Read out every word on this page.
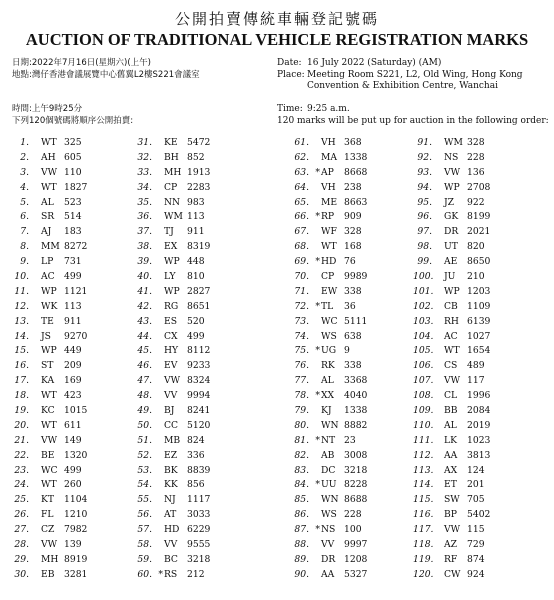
公開拍賣傳統車輛登記號碼
AUCTION OF TRADITIONAL VEHICLE REGISTRATION MARKS
日期: 2022年7月16日(星期六)(上午)
地點: 灣仔香港會議展覽中心舊翼L2樓S221會議室
Date: 16 July 2022 (Saturday) (AM)
Place: Meeting Room S221, L2, Old Wing, Hong Kong
Convention & Exhibition Centre, Wanchai
時間: 上午9時25分
下列120個號碼將順序公開拍賣:
Time: 9:25 a.m.
120 marks will be put up for auction in the following order:
1. WT 325
2. AH 605
3. VW 110
4. WT 1827
5. AL 523
6. SR 514
7. AJ 183
8. MM 8272
9. LP 731
10. AC 499
11. WP 1121
12. WK 113
13. TE 911
14. JS 9270
15. WP 449
16. ST 209
17. KA 169
18. WT 423
19. KC 1015
20. WT 611
21. VW 149
22. BE 1320
23. WC 499
24. WT 260
25. KT 1104
26. FL 1210
27. CZ 7982
28. VW 139
29. MH 8919
30. EB 3281
31. KE 5472
32. BH 852
33. MH 1913
34. CP 2283
35. NN 983
36. WM 113
37. TJ 911
38. EX 8319
39. WP 448
40. LY 810
41. WP 2827
42. RG 8651
43. ES 520
44. CX 499
45. HY 8112
46. EV 9233
47. VW 8324
48. VV 9994
49. BJ 8241
50. CC 5120
51. MB 824
52. EZ 336
53. BK 8839
54. KK 856
55. NJ 1117
56. AT 3033
57. HD 6229
58. VV 9555
59. BC 3218
60. * RS 212
61. VH 368
62. MA 1338
63. * AP 8668
64. VH 238
65. ME 8663
66. * RP 909
67. WF 328
68. WT 168
69. * HD 76
70. CP 9989
71. EW 338
72. * TL 36
73. WC 5111
74. WS 638
75. * UG 9
76. RK 338
77. AL 3368
78. * XX 4040
79. KJ 1338
80. WN 8882
81. * NT 23
82. AB 3008
83. DC 3218
84. * UU 8228
85. WN 8688
86. WS 228
87. * NS 100
88. VV 9997
89. DR 1208
90. AA 5327
91. WM 328
92. NS 228
93. VW 136
94. WP 2708
95. JZ 922
96. GK 8199
97. DR 2021
98. UT 820
99. AE 8650
100. JU 210
101. WP 1203
102. CB 1109
103. RH 6139
104. AC 1027
105. WT 1654
106. CS 489
107. VW 117
108. CL 1996
109. BB 2084
110. AL 2019
111. LK 1023
112. AA 3813
113. AX 124
114. ET 201
115. SW 705
116. BP 5402
117. VW 115
118. AZ 729
119. RF 874
120. CW 924
